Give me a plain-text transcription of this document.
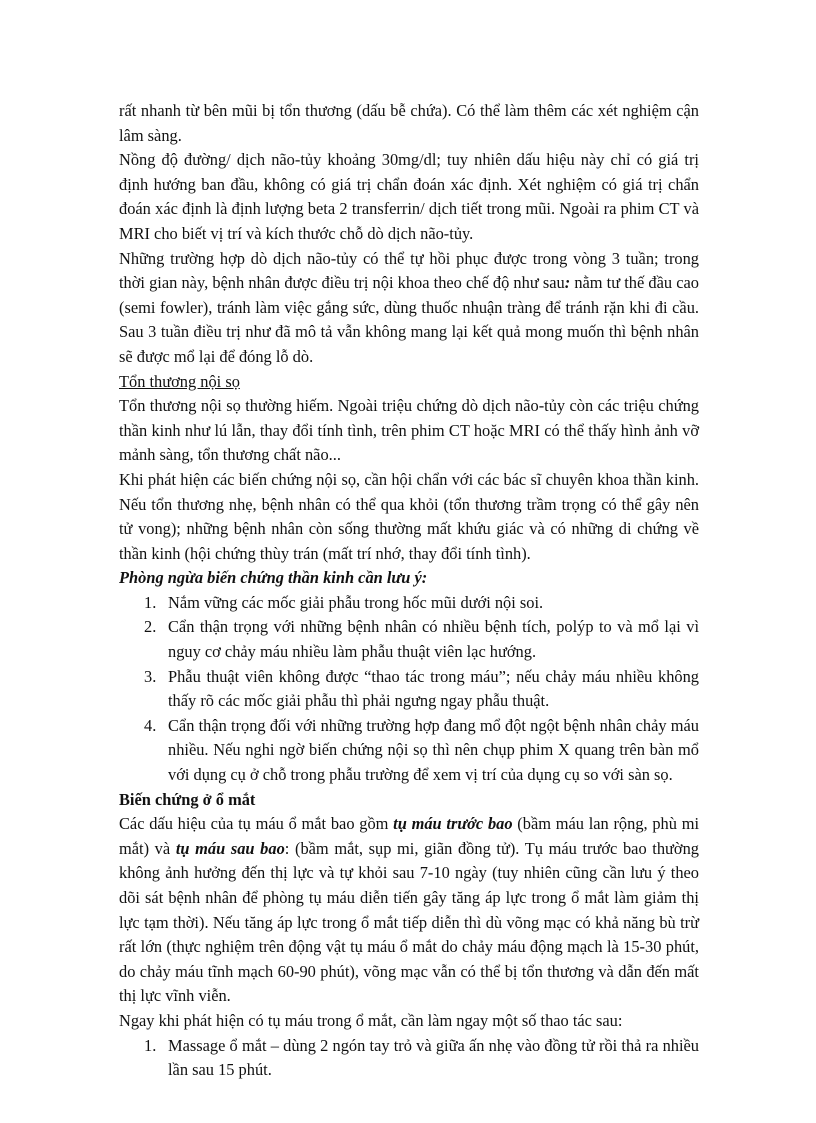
rất nhanh từ bên mũi bị tổn thương (dấu bễ chứa). Có thể làm thêm các xét nghiệm cận lâm sàng.

Nồng độ đường/ dịch não-tủy khoảng 30mg/dl; tuy nhiên dấu hiệu này chỉ có giá trị định hướng ban đầu, không có giá trị chẩn đoán xác định. Xét nghiệm có giá trị chẩn đoán xác định là định lượng beta 2 transferrin/ dịch tiết trong mũi. Ngoài ra phim CT và MRI cho biết vị trí và kích thước chỗ dò dịch não-tủy.

Những trường hợp dò dịch não-tủy có thể tự hồi phục được trong vòng 3 tuần; trong thời gian này, bệnh nhân được điều trị nội khoa theo chế độ như sau: nằm tư thế đầu cao (semi fowler), tránh làm việc gắng sức, dùng thuốc nhuận tràng để tránh rặn khi đi cầu. Sau 3 tuần điều trị như đã mô tả vẫn không mang lại kết quả mong muốn thì bệnh nhân sẽ được mổ lại để đóng lỗ dò.

Tổn thương nội sọ

Tổn thương nội sọ thường hiếm. Ngoài triệu chứng dò dịch não-tủy còn các triệu chứng thần kinh như lú lẫn, thay đổi tính tình, trên phim CT hoặc MRI có thể thấy hình ảnh vỡ mảnh sàng, tổn thương chất não...

Khi phát hiện các biến chứng nội sọ, cần hội chẩn với các bác sĩ chuyên khoa thần kinh. Nếu tổn thương nhẹ, bệnh nhân có thể qua khỏi (tổn thương trầm trọng có thể gây nên tử vong); những bệnh nhân còn sống thường mất khứu giác và có những di chứng về thần kinh (hội chứng thùy trán (mất trí nhớ, thay đổi tính tình).

Phòng ngừa biến chứng thần kinh cần lưu ý:

1. Nắm vững các mốc giải phẫu trong hốc mũi dưới nội soi.
2. Cẩn thận trọng với những bệnh nhân có nhiều bệnh tích, polýp to và mổ lại vì nguy cơ chảy máu nhiều làm phẫu thuật viên lạc hướng.
3. Phẫu thuật viên không được “thao tác trong máu”; nếu chảy máu nhiều không thấy rõ các mốc giải phẫu thì phải ngưng ngay phẫu thuật.
4. Cẩn thận trọng đối với những trường hợp đang mổ đột ngột bệnh nhân chảy máu nhiều. Nếu nghi ngờ biến chứng nội sọ thì nên chụp phim X quang trên bàn mổ với dụng cụ ở chỗ trong phẫu trường để xem vị trí của dụng cụ so với sàn sọ.

Biến chứng ở ổ mắt

Các dấu hiệu của tụ máu ổ mắt bao gồm tụ máu trước bao (bầm máu lan rộng, phù mi mắt) và tụ máu sau bao: (bầm mắt, sụp mi, giãn đồng tử). Tụ máu trước bao thường không ảnh hưởng đến thị lực và tự khỏi sau 7-10 ngày (tuy nhiên cũng cần lưu ý theo dõi sát bệnh nhân để phòng tụ máu diễn tiến gây tăng áp lực trong ổ mắt làm giảm thị lực tạm thời). Nếu tăng áp lực trong ổ mắt tiếp diễn thì dù võng mạc có khả năng bù trừ rất lớn (thực nghiệm trên động vật tụ máu ổ mắt do chảy máu động mạch là 15-30 phút, do chảy máu tĩnh mạch 60-90 phút), võng mạc vẫn có thể bị tổn thương và dẫn đến mất thị lực vĩnh viễn.

Ngay khi phát hiện có tụ máu trong ổ mắt, cần làm ngay một số thao tác sau:

1. Massage ổ mắt – dùng 2 ngón tay trỏ và giữa ấn nhẹ vào đồng tử rồi thả ra nhiều lần sau 15 phút.
